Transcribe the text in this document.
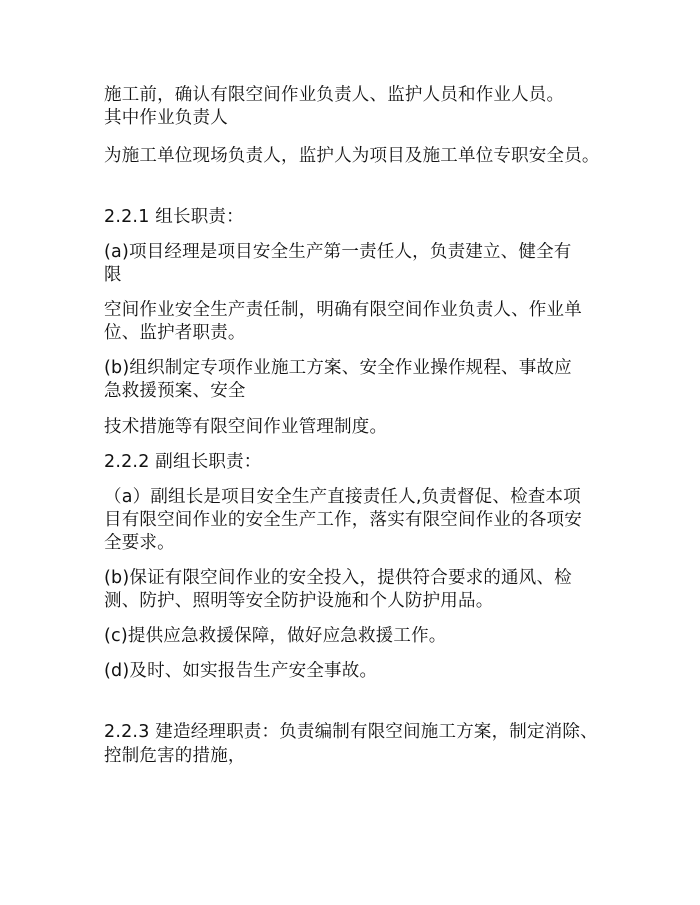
施工前，确认有限空间作业负责人、监护人员和作业人员。
其中作业负责人
为施工单位现场负责人，监护人为项目及施工单位专职安全员。
2.2.1 组长职责：
(a)项目经理是项目安全生产第一责任人，负责建立、健全有
限
空间作业安全生产责任制，明确有限空间作业负责人、作业单
位、监护者职责。
(b)组织制定专项作业施工方案、安全作业操作规程、事故应
急救援预案、安全
技术措施等有限空间作业管理制度。
2.2.2 副组长职责：
（a）副组长是项目安全生产直接责任人,负责督促、检查本项
目有限空间作业的安全生产工作，落实有限空间作业的各项安
全要求。
(b)保证有限空间作业的安全投入，提供符合要求的通风、检
测、防护、照明等安全防护设施和个人防护用品。
(c)提供应急救援保障，做好应急救援工作。
(d)及时、如实报告生产安全事故。
2.2.3 建造经理职责：负责编制有限空间施工方案，制定消除、
控制危害的措施，
